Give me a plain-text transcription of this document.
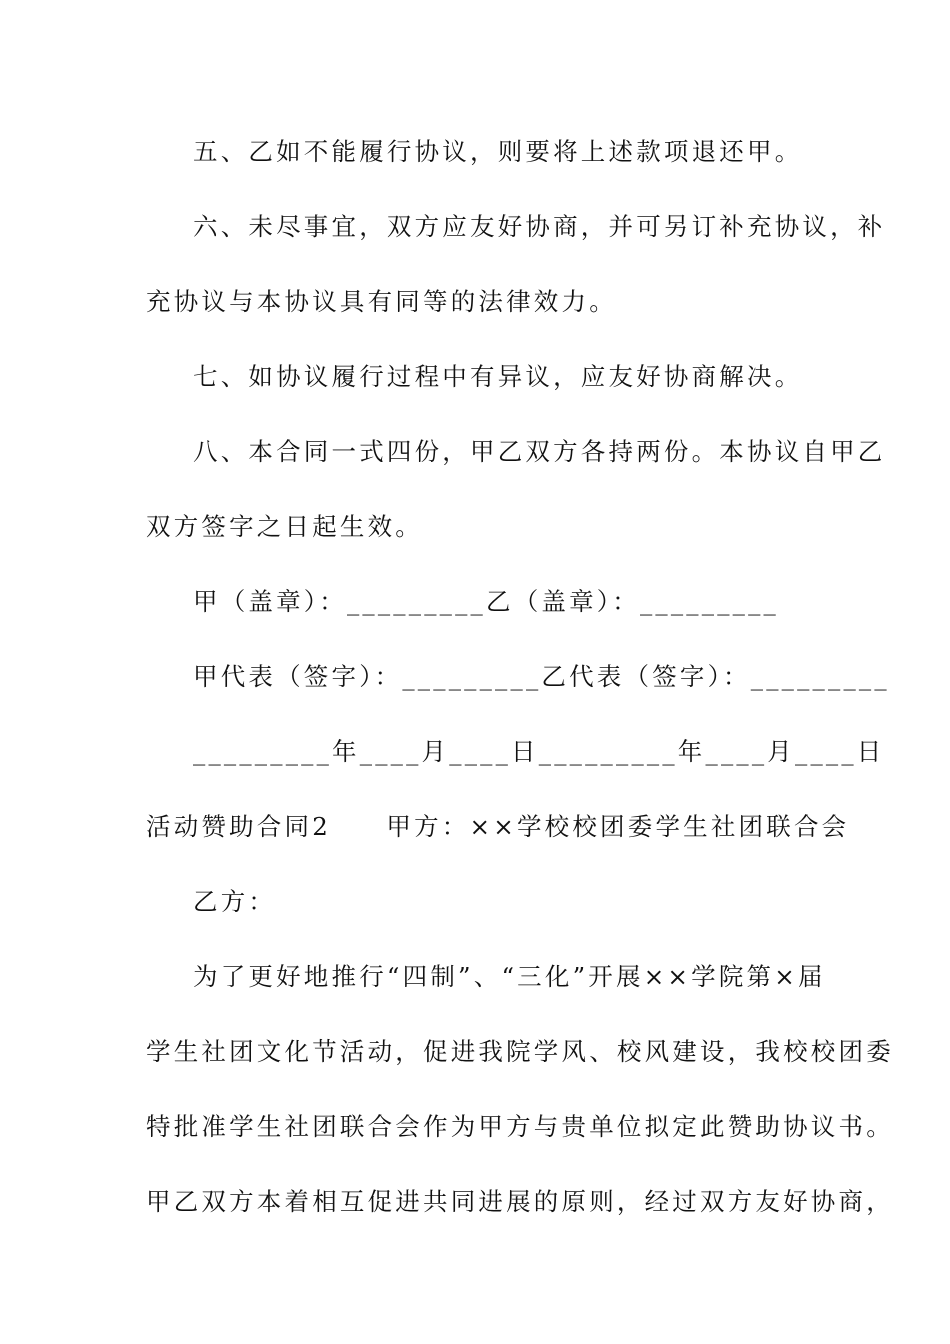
五、乙如不能履行协议，则要将上述款项退还甲。
六、未尽事宜，双方应友好协商，并可另订补充协议，补
充协议与本协议具有同等的法律效力。
七、如协议履行过程中有异议，应友好协商解决。
八、本合同一式四份，甲乙双方各持两份。本协议自甲乙
双方签字之日起生效。
甲（盖章）：_________乙（盖章）：_________
甲代表（签字）：_________乙代表（签字）：_________
_________年____月____日_________年____月____日
活动赞助合同2　　甲方：××学校校团委学生社团联合会
乙方：
为了更好地推行“四制”、“三化”开展××学院第×届
学生社团文化节活动，促进我院学风、校风建设，我校校团委
特批准学生社团联合会作为甲方与贵单位拟定此赞助协议书。
甲乙双方本着相互促进共同进展的原则，经过双方友好协商，
